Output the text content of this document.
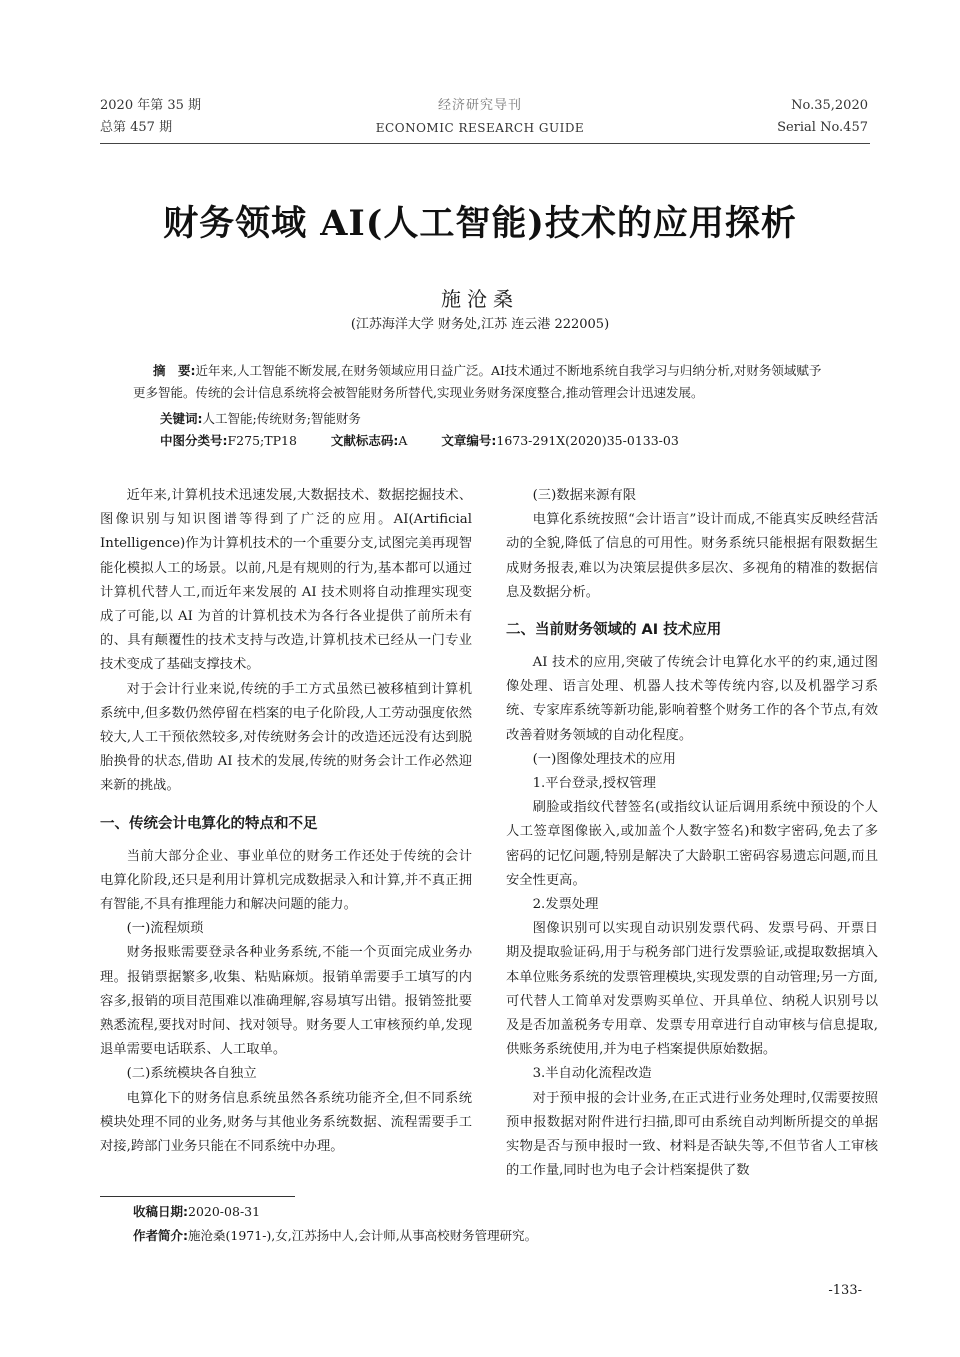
2020 年第 35 期
总第 457 期
经济研究导刊
ECONOMIC RESEARCH GUIDE
No.35,2020
Serial No.457
财务领域 AI(人工智能)技术的应用探析
施沧桑
(江苏海洋大学 财务处,江苏 连云港 222005)
摘　要:近年来,人工智能不断发展,在财务领域应用日益广泛。AI技术通过不断地系统自我学习与归纳分析,对财务领域赋予更多智能。传统的会计信息系统将会被智能财务所替代,实现业务财务深度整合,推动管理会计迅速发展。
关键词:人工智能;传统财务;智能财务
中图分类号:F275;TP18	文献标志码:A	文章编号:1673-291X(2020)35-0133-03

近年来,计算机技术迅速发展,大数据技术、数据挖掘技术、图像识别与知识图谱等得到了广泛的应用。AI(Artificial Intelligence)作为计算机技术的一个重要分支,试图完美再现智能化模拟人工的场景。以前,凡是有规则的行为,基本都可以通过计算机代替人工,而近年来发展的 AI 技术则将自动推理实现变成了可能,以 AI 为首的计算机技术为各行各业提供了前所未有的、具有颠覆性的技术支持与改造,计算机技术已经从一门专业技术变成了基础支撑技术。

对于会计行业来说,传统的手工方式虽然已被移植到计算机系统中,但多数仍然停留在档案的电子化阶段,人工劳动强度依然较大,人工干预依然较多,对传统财务会计的改造还远没有达到脱胎换骨的状态,借助 AI 技术的发展,传统的财务会计工作必然迎来新的挑战。

一、传统会计电算化的特点和不足

当前大部分企业、事业单位的财务工作还处于传统的会计电算化阶段,还只是利用计算机完成数据录入和计算,并不真正拥有智能,不具有推理能力和解决问题的能力。

(一)流程烦琐

财务报账需要登录各种业务系统,不能一个页面完成业务办理。报销票据繁多,收集、粘贴麻烦。报销单需要手工填写的内容多,报销的项目范围难以准确理解,容易填写出错。报销签批要熟悉流程,要找对时间、找对领导。财务要人工审核预约单,发现退单需要电话联系、人工取单。

(二)系统模块各自独立

电算化下的财务信息系统虽然各系统功能齐全,但不同系统模块处理不同的业务,财务与其他业务系统数据、流程需要手工对接,跨部门业务只能在不同系统中办理。

(三)数据来源有限

电算化系统按照“会计语言”设计而成,不能真实反映经营活动的全貌,降低了信息的可用性。财务系统只能根据有限数据生成财务报表,难以为决策层提供多层次、多视角的精准的数据信息及数据分析。

二、当前财务领域的 AI 技术应用

AI 技术的应用,突破了传统会计电算化水平的约束,通过图像处理、语言处理、机器人技术等传统内容,以及机器学习系统、专家库系统等新功能,影响着整个财务工作的各个节点,有效改善着财务领域的自动化程度。

(一)图像处理技术的应用

1.平台登录,授权管理

刷脸或指纹代替签名(或指纹认证后调用系统中预设的个人人工签章图像嵌入,或加盖个人数字签名)和数字密码,免去了多密码的记忆问题,特别是解决了大龄职工密码容易遗忘问题,而且安全性更高。

2.发票处理

图像识别可以实现自动识别发票代码、发票号码、开票日期及提取验证码,用于与税务部门进行发票验证,或提取数据填入本单位账务系统的发票管理模块,实现发票的自动管理;另一方面,可代替人工简单对发票购买单位、开具单位、纳税人识别号以及是否加盖税务专用章、发票专用章进行自动审核与信息提取,供账务系统使用,并为电子档案提供原始数据。

3.半自动化流程改造

对于预申报的会计业务,在正式进行业务处理时,仅需要按照预申报数据对附件进行扫描,即可由系统自动判断所提交的单据实物是否与预申报时一致、材料是否缺失等,不但节省人工审核的工作量,同时也为电子会计档案提供了数

收稿日期:2020-08-31
作者简介:施沧桑(1971-),女,江苏扬中人,会计师,从事高校财务管理研究。
-133-
